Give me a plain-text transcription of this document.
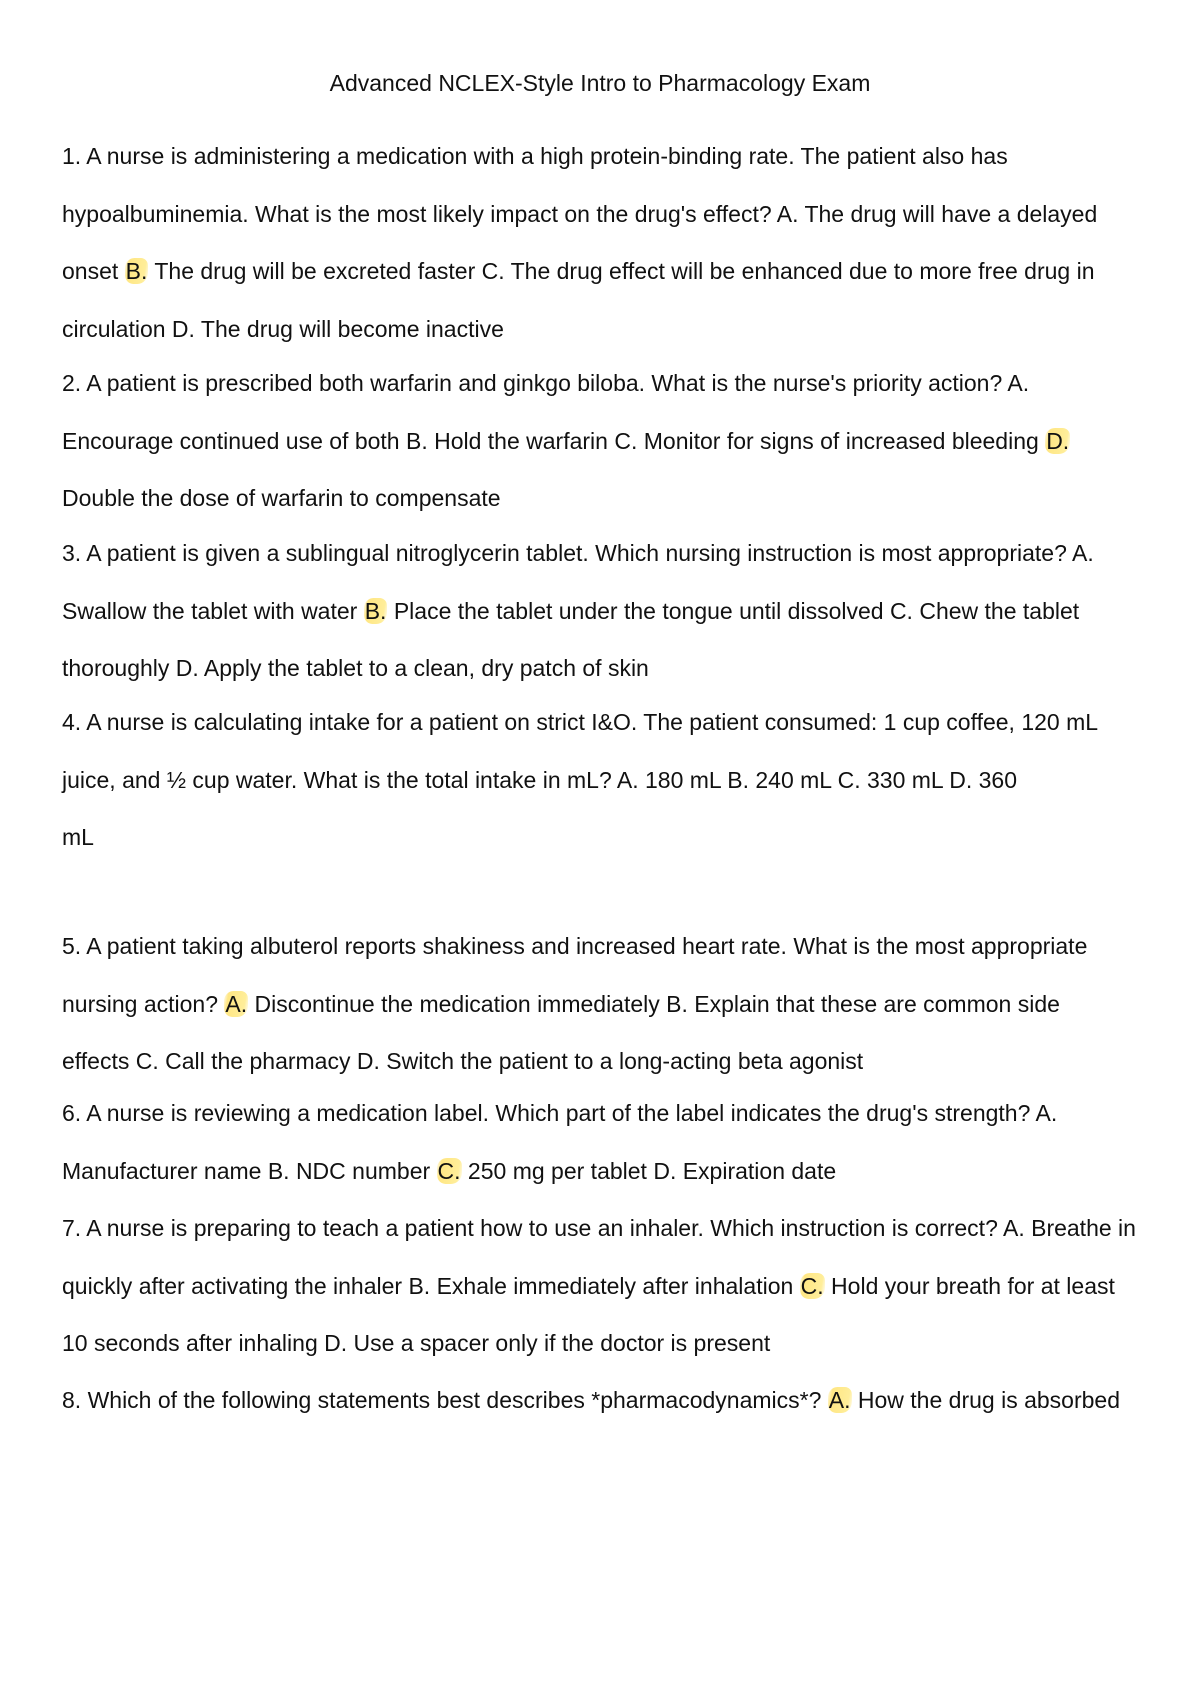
Advanced NCLEX-Style Intro to Pharmacology Exam

1. A nurse is administering a medication with a high protein-binding rate. The patient also has hypoalbuminemia. What is the most likely impact on the drug's effect? A. The drug will have a delayed onset B. The drug will be excreted faster C. The drug effect will be enhanced due to more free drug in circulation D. The drug will become inactive

2. A patient is prescribed both warfarin and ginkgo biloba. What is the nurse's priority action? A. Encourage continued use of both B. Hold the warfarin C. Monitor for signs of increased bleeding D. Double the dose of warfarin to compensate

3. A patient is given a sublingual nitroglycerin tablet. Which nursing instruction is most appropriate? A. Swallow the tablet with water B. Place the tablet under the tongue until dissolved C. Chew the tablet thoroughly D. Apply the tablet to a clean, dry patch of skin

4. A nurse is calculating intake for a patient on strict I&O. The patient consumed: 1 cup coffee, 120 mL juice, and ½ cup water. What is the total intake in mL? A. 180 mL B. 240 mL C. 330 mL D. 360
mL

5. A patient taking albuterol reports shakiness and increased heart rate. What is the most appropriate nursing action? A. Discontinue the medication immediately B. Explain that these are common side effects C. Call the pharmacy D. Switch the patient to a long-acting beta agonist

6. A nurse is reviewing a medication label. Which part of the label indicates the drug's strength? A. Manufacturer name B. NDC number C. 250 mg per tablet D. Expiration date

7. A nurse is preparing to teach a patient how to use an inhaler. Which instruction is correct? A. Breathe in quickly after activating the inhaler B. Exhale immediately after inhalation C. Hold your breath for at least 10 seconds after inhaling D. Use a spacer only if the doctor is present

8. Which of the following statements best describes *pharmacodynamics*? A. How the drug is absorbed
